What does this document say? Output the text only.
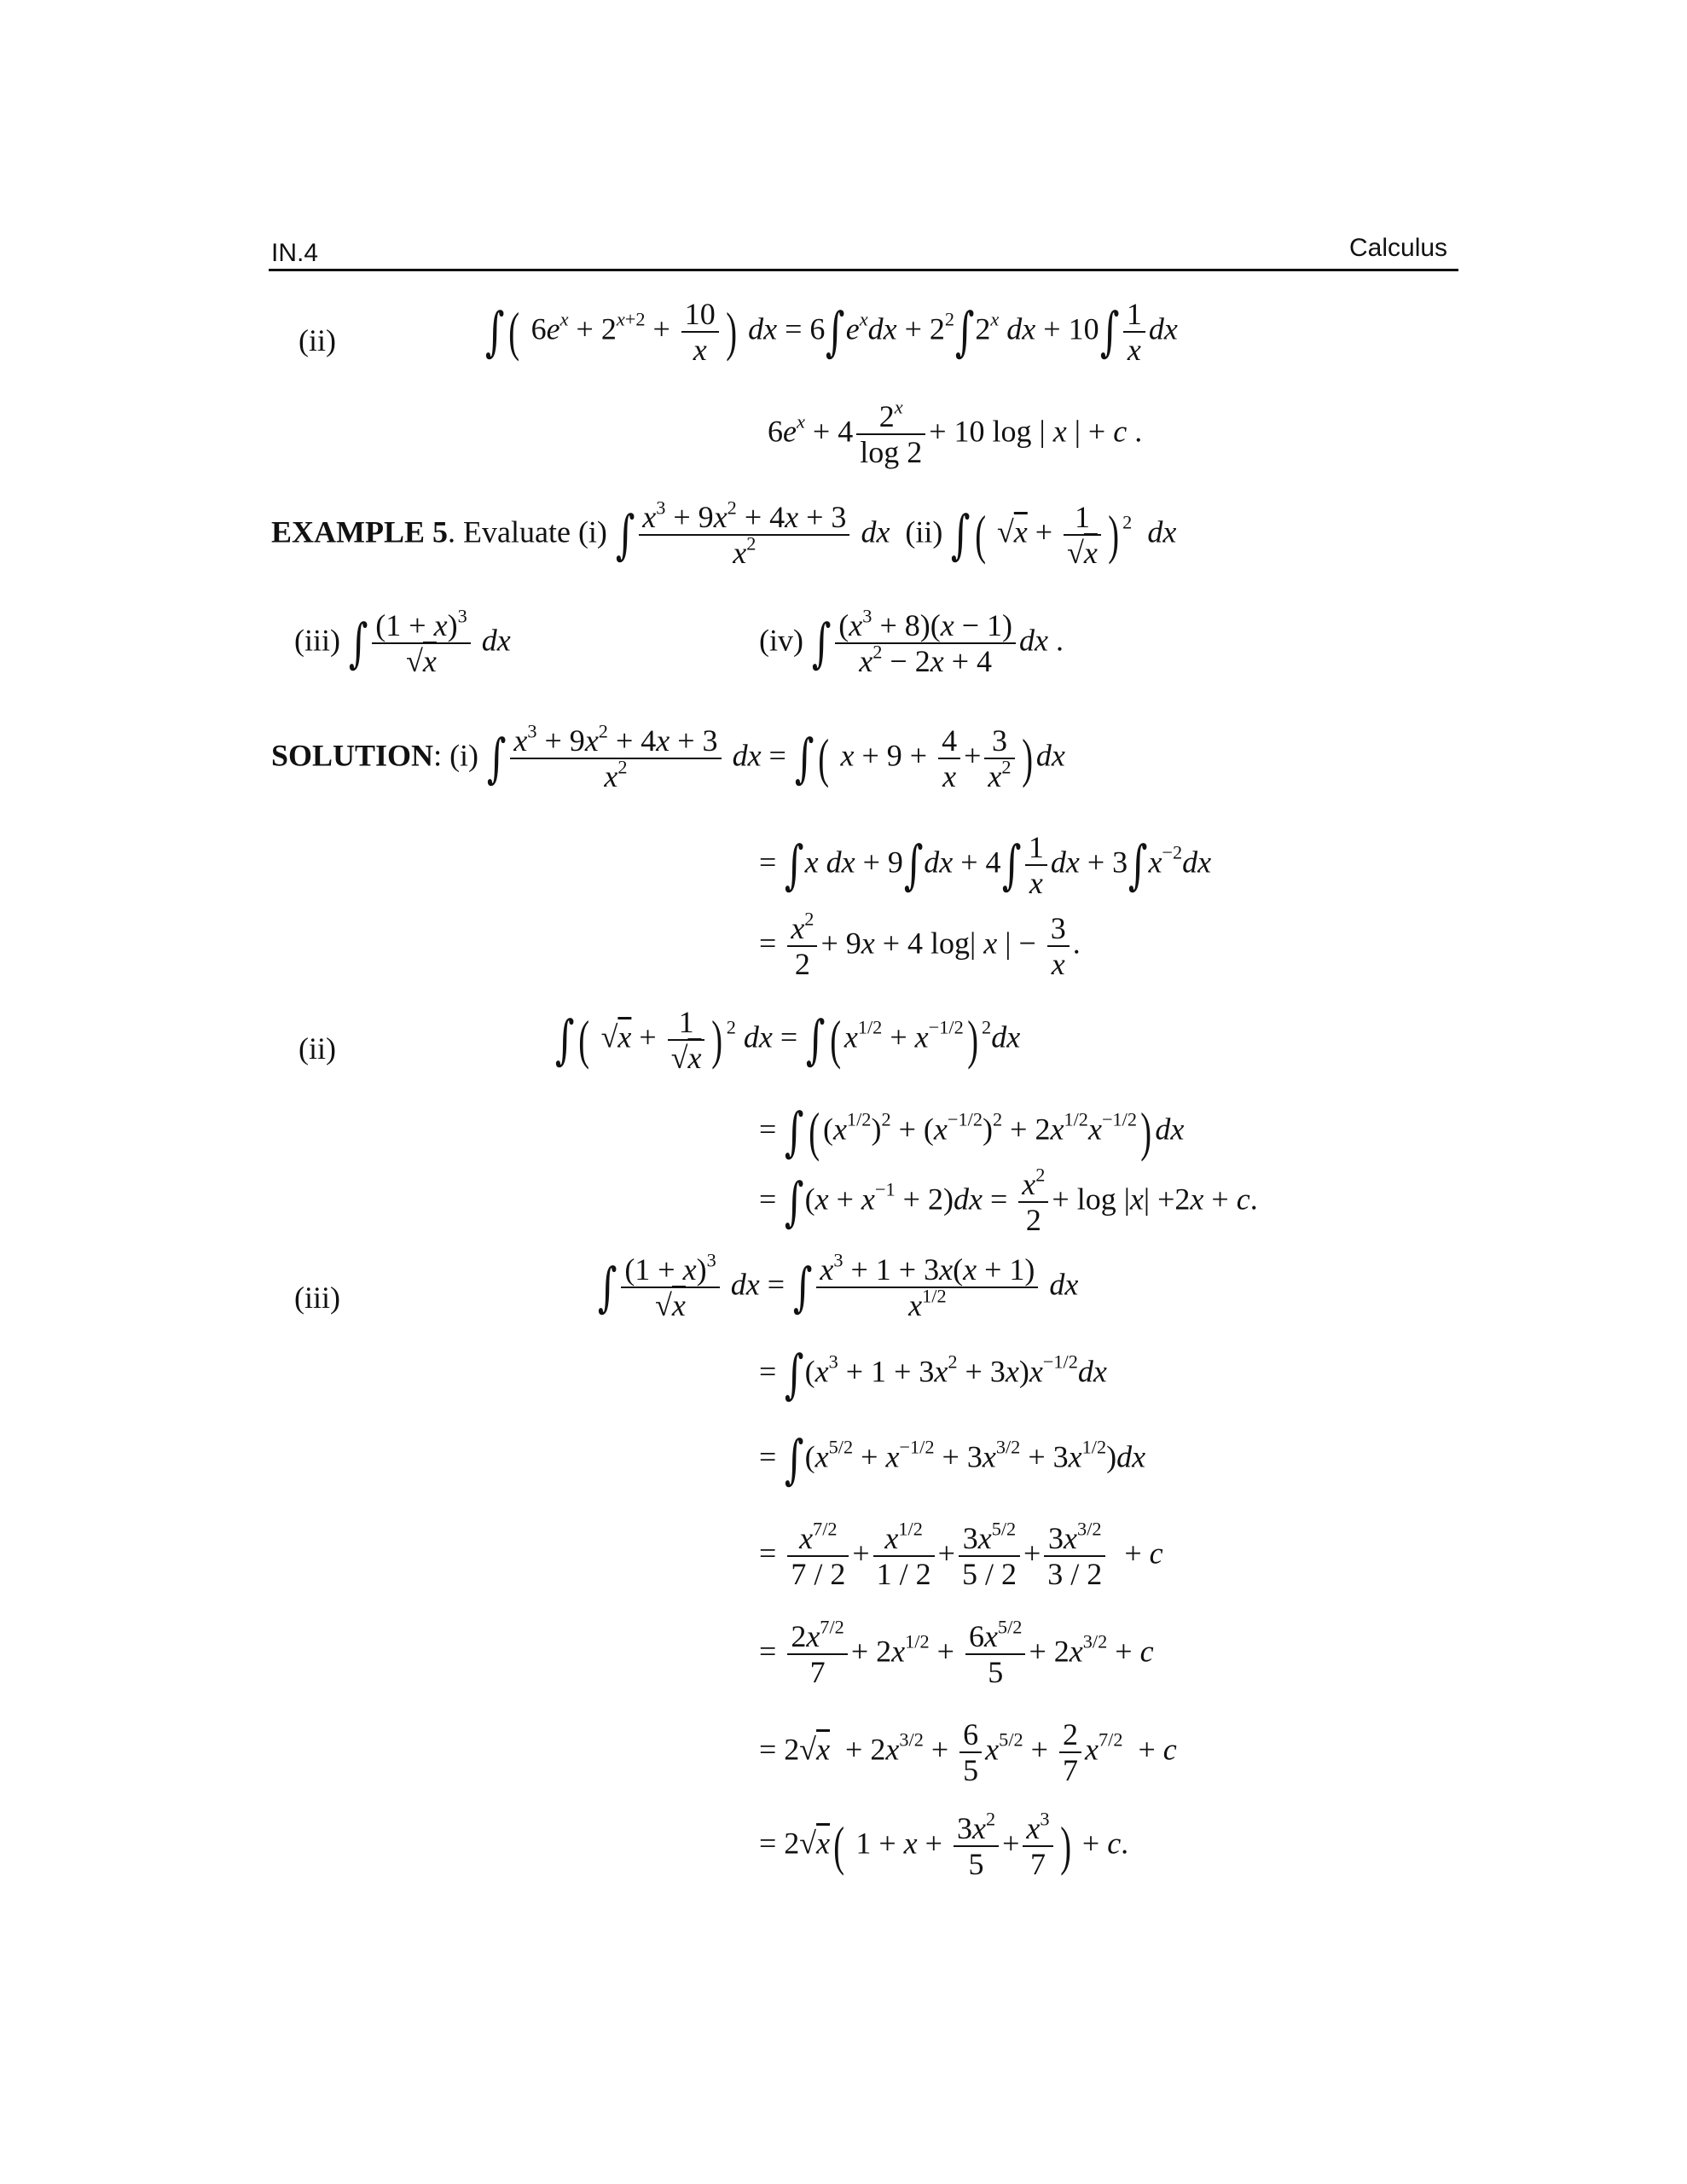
IN.4	Calculus
(ii)	∫( $6e^x + 2^{x+2} + \frac{10}{x}$ ) dx = $6\int e^xdx + 2^2\int 2^x$ dx + $10\int \frac{1}{x}$ dx
$6e^x + 4 \frac{2^x}{\log 2} + 10$ log | x | + c .
EXAMPLE 5. Evaluate (i) ∫ $\frac{x^3 + 9x^2 + 4x + 3}{x^2}$ dx (ii) ∫( $√x + \frac{1}{√x}$ ) $^2$ dx
(iii) ∫ $\frac{(1 + x)^3}{√x}$ dx	(iv) ∫ $\frac{(x^3 + 8)(x - 1)}{x^2 - 2x + 4}$ dx .
SOLUTION: (i) ∫ $\frac{x^3 + 9x^2 + 4x + 3}{x^2}$ dx = ∫( $x + 9 + \frac{4}{x} + \frac{3}{x^2}$ ) dx
= ∫x dx + $9\int dx + 4\int \frac{1}{x}$ dx + $3\int x^{-2}dx$
= $\frac{x^2}{2} + 9x + 4$ log| x | − $\frac{3}{x}$ .
(ii)	∫( $√x + \frac{1}{√x}$ ) $^2$ dx = ∫( $x^{1/2} + x^{-1/2}$) $^2$dx
= ∫( $(x^{1/2})^2 + (x^{-1/2})^2 + 2x^{1/2}x^{-1/2}$) dx
= $\int(x + x^{-1} + 2)dx = \frac{x^2}{2} + \log |x| +2x + c$.
(iii)	∫ $\frac{(1 + x)^3}{√x}$ dx = ∫ $\frac{x^3 + 1 + 3x(x + 1)}{x^{1/2}}$ dx
= $\int(x^3 + 1 + 3x^2 + 3x)x^{-1/2}dx$
= $\int(x^{5/2} + x^{-1/2} + 3x^{3/2} + 3x^{1/2})dx$
= $\frac{x^{7/2}}{7 / 2} + \frac{x^{1/2}}{1 / 2} + \frac{3x^{5/2}}{5 / 2} + \frac{3x^{3/2}}{3 / 2} + c$
= $\frac{2x^{7/2}}{7} + 2x^{1/2} + \frac{6x^{5/2}}{5} + 2x^{3/2} + c$
= $2√x + 2x^{3/2} + \frac{6}{5} x^{5/2} + \frac{2}{7} x^{7/2} + c$
= 2√x( $1 + x + \frac{3x^2}{5} + \frac{x^3}{7}$ ) + c.
